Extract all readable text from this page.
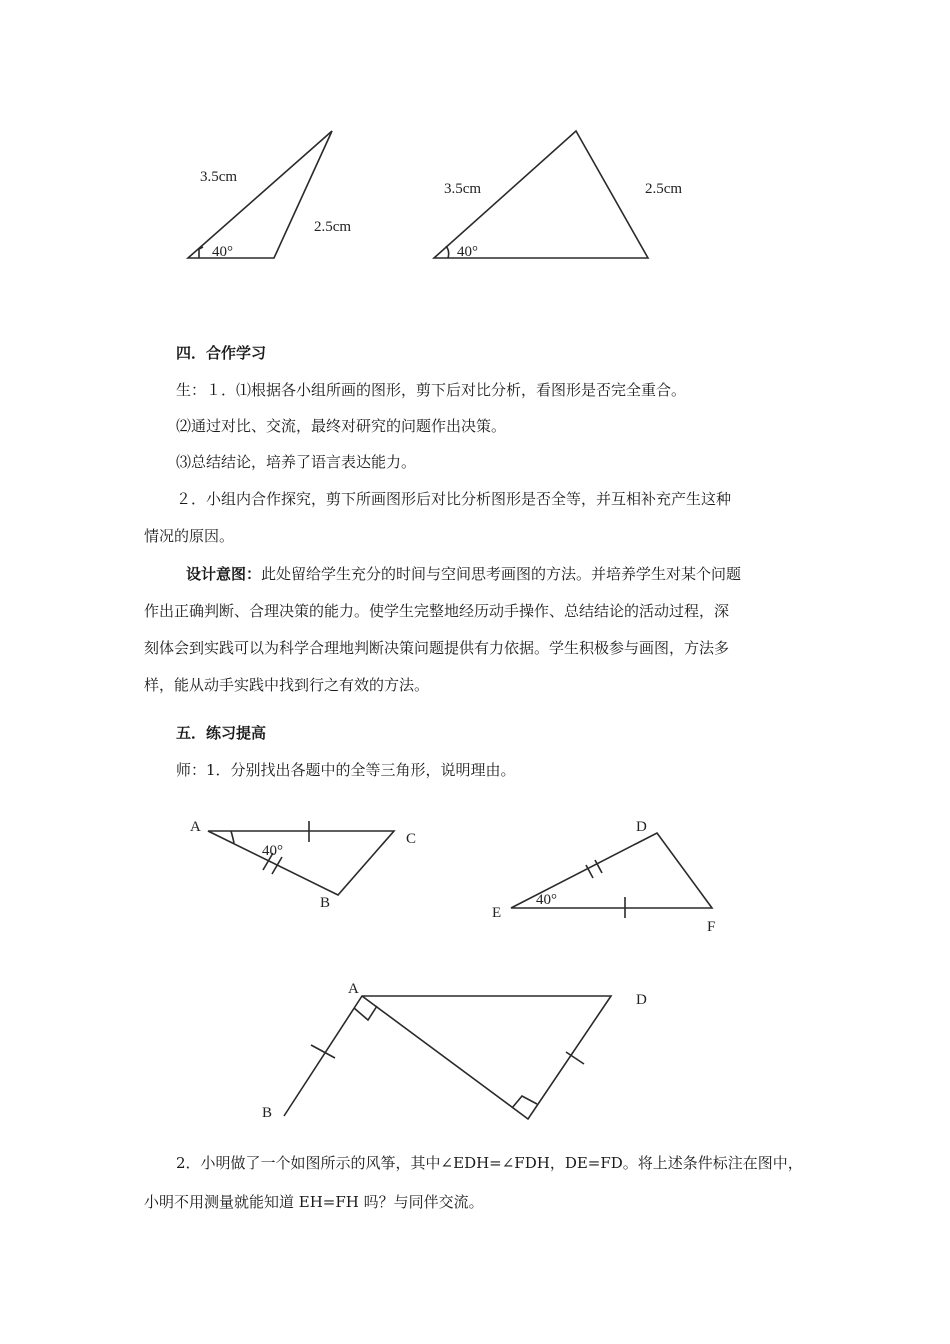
3.5cm
2.5cm
40°
3.5cm	2.5cm
40°
A
C
B
40°
D
E
F
40°
A
D
B
四．合作学习
生：１．⑴根据各小组所画的图形，剪下后对比分析，看图形是否完全重合。
⑵通过对比、交流，最终对研究的问题作出决策。
⑶总结结论，培养了语言表达能力。
２．小组内合作探究，剪下所画图形后对比分析图形是否全等，并互相补充产生这种
情况的原因。
设计意图：此处留给学生充分的时间与空间思考画图的方法。并培养学生对某个问题
作出正确判断、合理决策的能力。使学生完整地经历动手操作、总结结论的活动过程，深
刻体会到实践可以为科学合理地判断决策问题提供有力依据。学生积极参与画图，方法多
样，能从动手实践中找到行之有效的方法。
五．练习提高
师：1．分别找出各题中的全等三角形，说明理由。
2．小明做了一个如图所示的风筝，其中∠EDH=∠FDH，DE=FD。将上述条件标注在图中，
小明不用测量就能知道 EH=FH 吗？与同伴交流。
